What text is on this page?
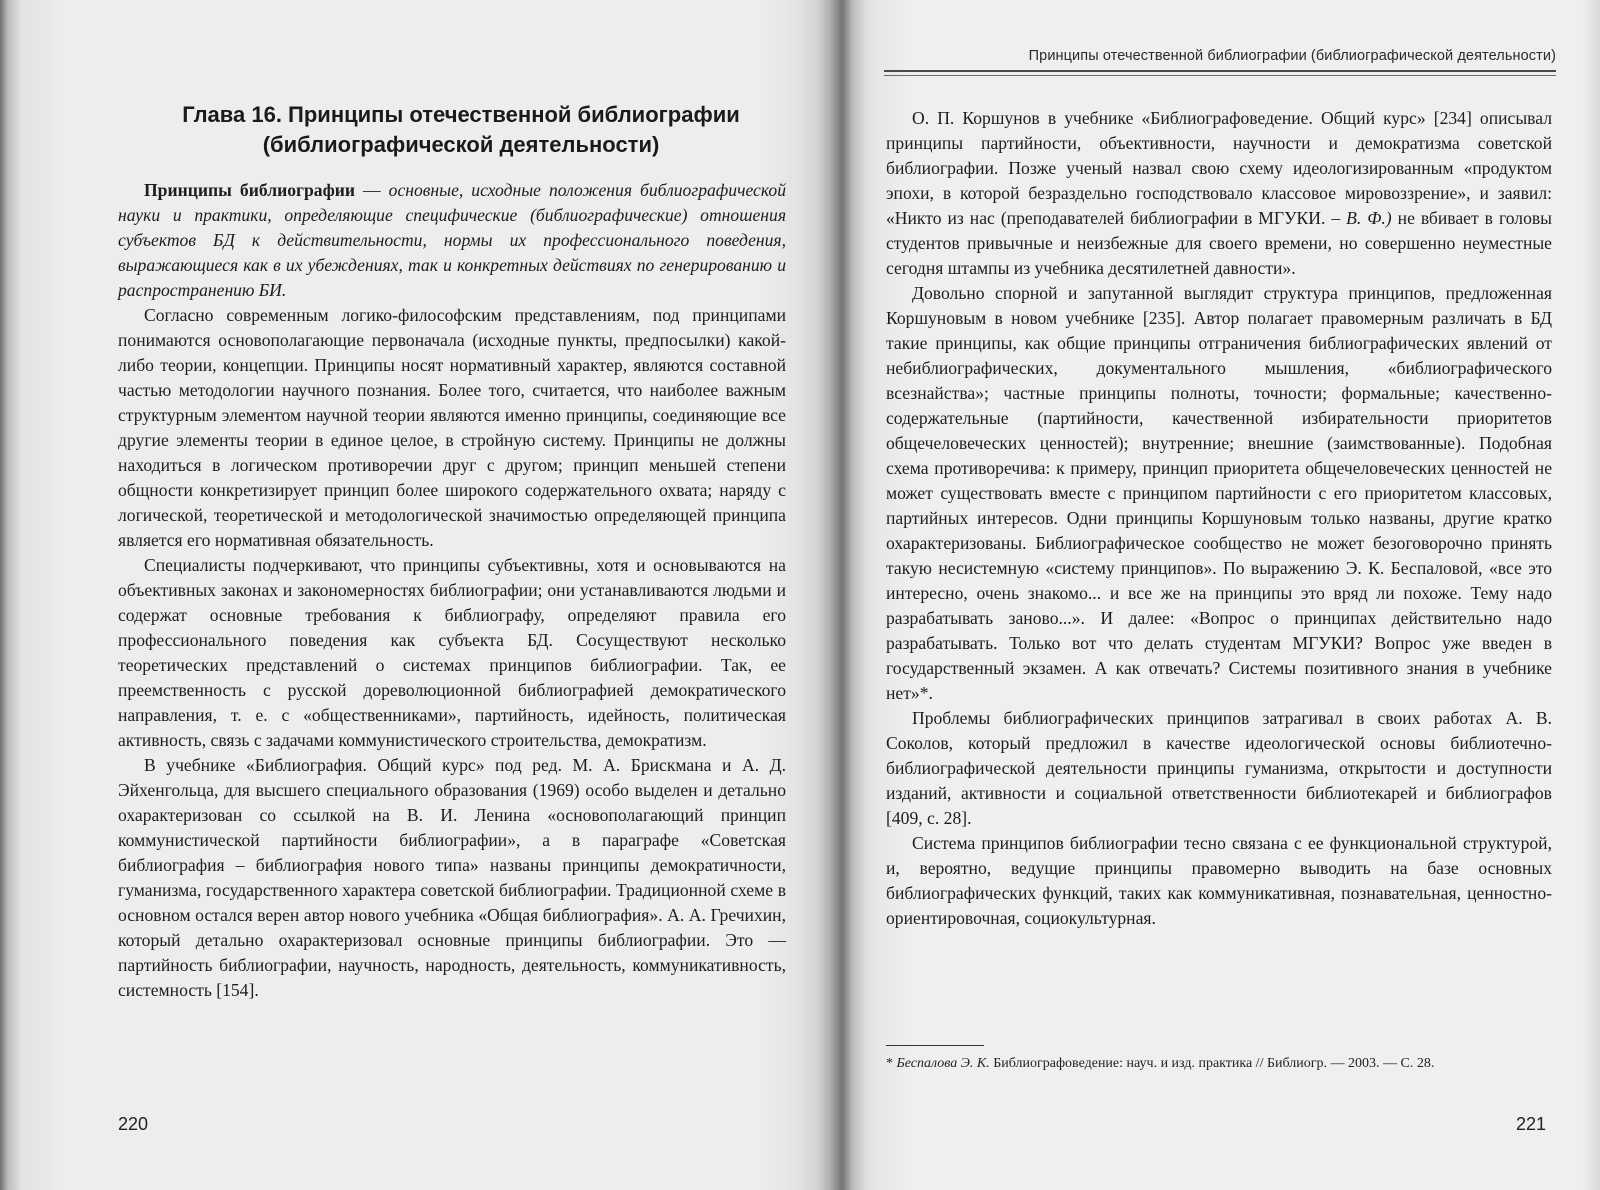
Глава 16. Принципы отечественной библиографии (библиографической деятельности)

Принципы библиографии — основные, исходные положения библиографической науки и практики, определяющие специфические (библиографические) отношения субъектов БД к действительности, нормы их профессионального поведения, выражающиеся как в их убеждениях, так и конкретных действиях по генерированию и распространению БИ.

Согласно современным логико-философским представлениям, под принципами понимаются основополагающие первоначала (исходные пункты, предпосылки) какой-либо теории, концепции. Принципы носят нормативный характер, являются составной частью методологии научного познания. Более того, считается, что наиболее важным структурным элементом научной теории являются именно принципы, соединяющие все другие элементы теории в единое целое, в стройную систему. Принципы не должны находиться в логическом противоречии друг с другом; принцип меньшей степени общности конкретизирует принцип более широкого содержательного охвата; наряду с логической, теоретической и методологической значимостью определяющей принципа является его нормативная обязательность.

Специалисты подчеркивают, что принципы субъективны, хотя и основываются на объективных законах и закономерностях библиографии; они устанавливаются людьми и содержат основные требования к библиографу, определяют правила его профессионального поведения как субъекта БД. Сосуществуют несколько теоретических представлений о системах принципов библиографии. Так, ее преемственность с русской дореволюционной библиографией демократического направления, т. е. с «общественниками», партийность, идейность, политическая активность, связь с задачами коммунистического строительства, демократизм.

В учебнике «Библиография. Общий курс» под ред. М. А. Брискмана и А. Д. Эйхенгольца, для высшего специального образования (1969) особо выделен и детально охарактеризован со ссылкой на В. И. Ленина «основополагающий принцип коммунистической партийности библиографии», а в параграфе «Советская библиография – библиография нового типа» названы принципы демократичности, гуманизма, государственного характера советской библиографии. Традиционной схеме в основном остался верен автор нового учебника «Общая библиография». А. А. Гречихин, который детально охарактеризовал основные принципы библиографии. Это — партийность библиографии, научность, народность, деятельность, коммуникативность, системность [154].

220
Принципы отечественной библиографии (библиографической деятельности)

О. П. Коршунов в учебнике «Библиографоведение. Общий курс» [234] описывал принципы партийности, объективности, научности и демократизма советской библиографии. Позже ученый назвал свою схему идеологизированным «продуктом эпохи, в которой безраздельно господствовало классовое мировоззрение», и заявил: «Никто из нас (преподавателей библиографии в МГУКИ. – В. Ф.) не вбивает в головы студентов привычные и неизбежные для своего времени, но совершенно неуместные сегодня штампы из учебника десятилетней давности».

Довольно спорной и запутанной выглядит структура принципов, предложенная Коршуновым в новом учебнике [235]. Автор полагает правомерным различать в БД такие принципы, как общие принципы отграничения библиографических явлений от небиблиографических, документального мышления, «библиографического всезнайства»; частные принципы полноты, точности; формальные; качественно-содержательные (партийности, качественной избирательности приоритетов общечеловеческих ценностей); внутренние; внешние (заимствованные). Подобная схема противоречива: к примеру, принцип приоритета общечеловеческих ценностей не может существовать вместе с принципом партийности с его приоритетом классовых, партийных интересов. Одни принципы Коршуновым только названы, другие кратко охарактеризованы. Библиографическое сообщество не может безоговорочно принять такую несистемную «систему принципов». По выражению Э. К. Беспаловой, «все это интересно, очень знакомо... и все же на принципы это вряд ли похоже. Тему надо разрабатывать заново...». И далее: «Вопрос о принципах действительно надо разрабатывать. Только вот что делать студентам МГУКИ? Вопрос уже введен в государственный экзамен. А как отвечать? Системы позитивного знания в учебнике нет»*.

Проблемы библиографических принципов затрагивал в своих работах А. В. Соколов, который предложил в качестве идеологической основы библиотечно-библиографической деятельности принципы гуманизма, открытости и доступности изданий, активности и социальной ответственности библиотекарей и библиографов [409, с. 28].

Система принципов библиографии тесно связана с ее функциональной структурой, и, вероятно, ведущие принципы правомерно выводить на базе основных библиографических функций, таких как коммуникативная, познавательная, ценностно-ориентировочная, социокультурная.

* Беспалова Э. К. Библиографоведение: науч. и изд. практика // Библиогр. — 2003. — С. 28.
221
